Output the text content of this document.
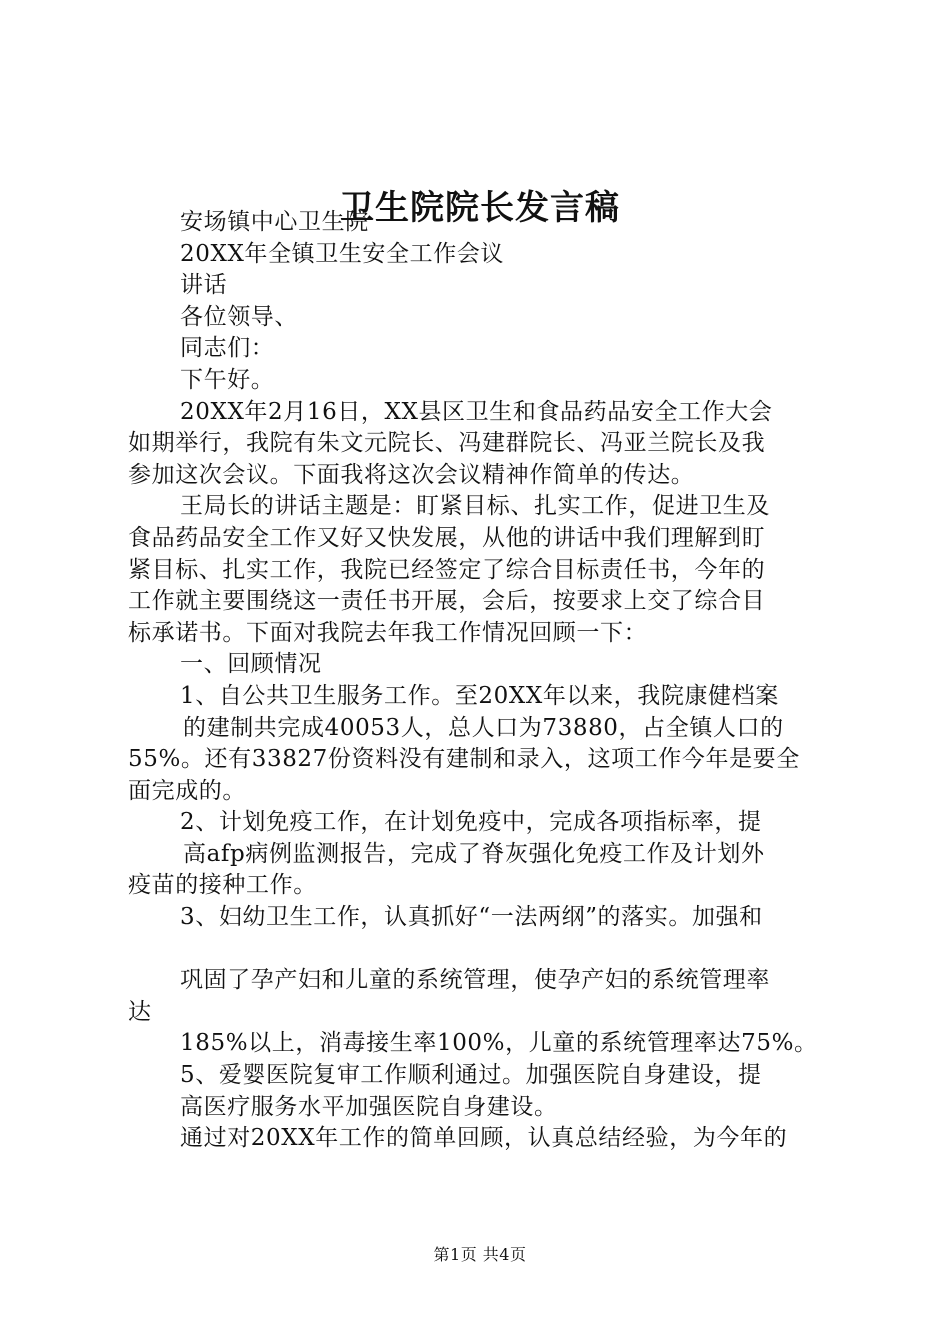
卫生院院长发言稿
安场镇中心卫生院
20XX年全镇卫生安全工作会议
讲话
各位领导、
同志们：
下午好。
20XX年2月16日，XX县区卫生和食品药品安全工作大会
如期举行，我院有朱文元院长、冯建群院长、冯亚兰院长及我
参加这次会议。下面我将这次会议精神作简单的传达。
王局长的讲话主题是：盯紧目标、扎实工作，促进卫生及
食品药品安全工作又好又快发展，从他的讲话中我们理解到盯
紧目标、扎实工作，我院已经签定了综合目标责任书，今年的
工作就主要围绕这一责任书开展，会后，按要求上交了综合目
标承诺书。下面对我院去年我工作情况回顾一下：
一、回顾情况
1、自公共卫生服务工作。至20XX年以来，我院康健档案
的建制共完成40053人，总人口为73880，占全镇人口的
55%。还有33827份资料没有建制和录入，这项工作今年是要全
面完成的。
2、计划免疫工作，在计划免疫中，完成各项指标率，提
高afp病例监测报告，完成了脊灰强化免疫工作及计划外
疫苗的接种工作。
3、妇幼卫生工作，认真抓好“一法两纲”的落实。加强和
巩固了孕产妇和儿童的系统管理，使孕产妇的系统管理率
达
185%以上，消毒接生率100%，儿童的系统管理率达75%。
5、爱婴医院复审工作顺利通过。加强医院自身建设，提
高医疗服务水平加强医院自身建设。
通过对20XX年工作的简单回顾，认真总结经验，为今年的
第1页 共4页
